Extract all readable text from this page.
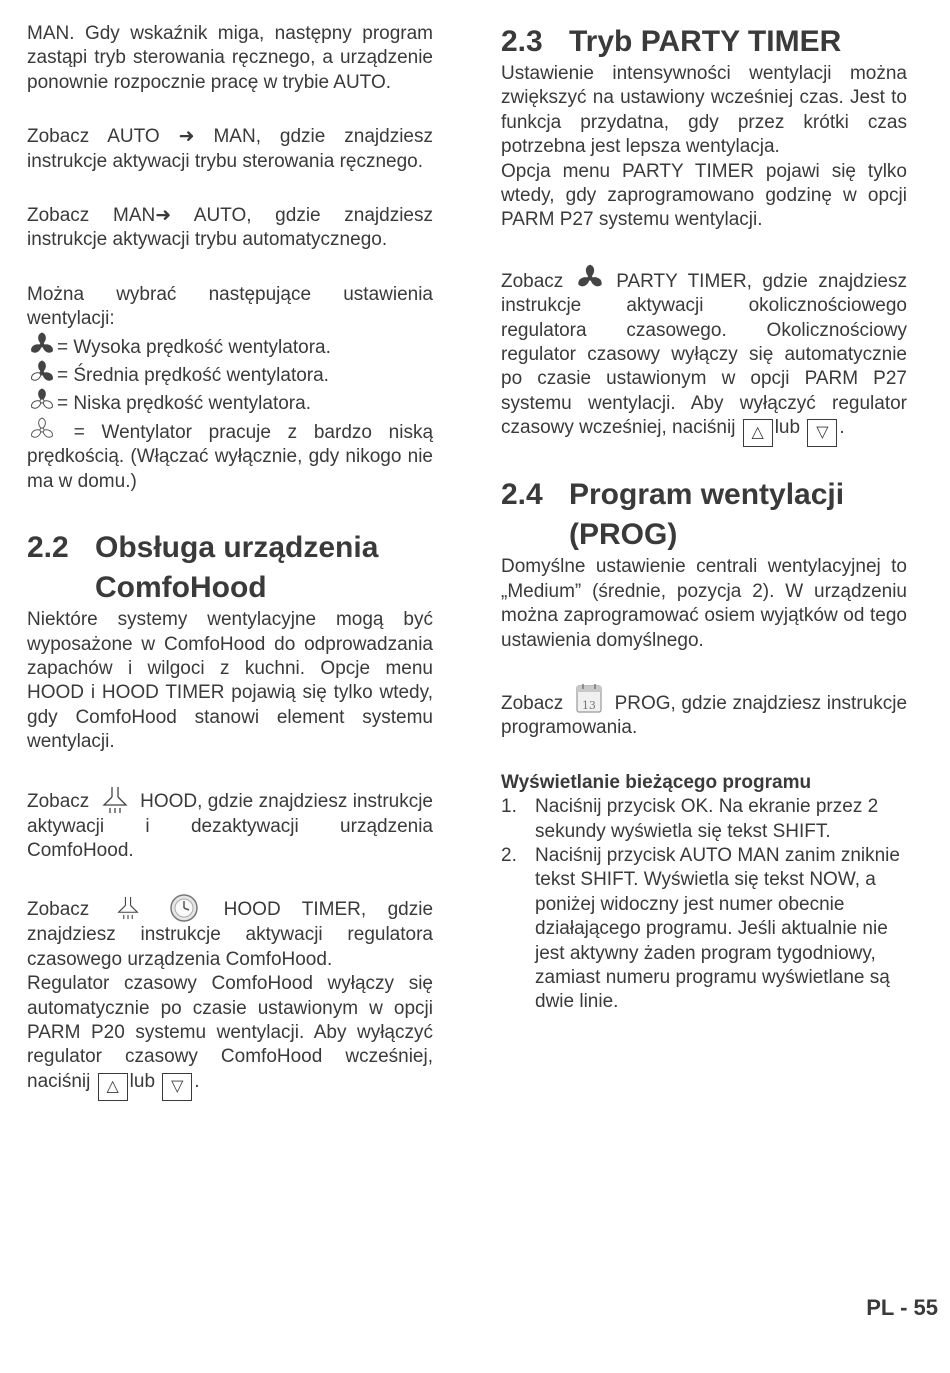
MAN. Gdy wskaźnik miga, następny program zastąpi tryb sterowania ręcznego, a urządzenie ponownie rozpocznie pracę w trybie AUTO.

Zobacz AUTO ➜ MAN, gdzie znajdziesz instrukcje aktywacji trybu sterowania ręcznego.

Zobacz MAN➜ AUTO, gdzie znajdziesz instrukcje aktywacji trybu automatycznego.

Można wybrać następujące ustawienia wentylacji:

= Wysoka prędkość wentylatora.

= Średnia prędkość wentylatora.

= Niska prędkość wentylatora.

= Wentylator pracuje z bardzo niską prędkością. (Włączać wyłącznie, gdy nikogo nie ma w domu.)

2.2 Obsługa urządzenia ComfoHood

Niektóre systemy wentylacyjne mogą być wyposażone w ComfoHood do odprowadzania zapachów i wilgoci z kuchni. Opcje menu HOOD i HOOD TIMER pojawią się tylko wtedy, gdy ComfoHood stanowi element systemu wentylacji.

Zobacz	HOOD, gdzie znajdziesz instrukcje aktywacji i dezaktywacji urządzenia ComfoHood.

Zobacz	HOOD TIMER, gdzie znajdziesz instrukcje aktywacji regulatora czasowego urządzenia ComfoHood.

Regulator czasowy ComfoHood wyłączy się automatycznie po czasie ustawionym w opcji PARM P20 systemu wentylacji. Aby wyłączyć regulator czasowy ComfoHood wcześniej, naciśnij △ lub ▽ .

2.3 Tryb PARTY TIMER

Ustawienie intensywności wentylacji można zwiększyć na ustawiony wcześniej czas. Jest to funkcja przydatna, gdy przez krótki czas potrzebna jest lepsza wentylacja.

Opcja menu PARTY TIMER pojawi się tylko wtedy, gdy zaprogramowano godzinę w opcji PARM P27 systemu wentylacji.

Zobacz	PARTY TIMER, gdzie znajdziesz instrukcje aktywacji okolicznościowego regulatora czasowego. Okolicznościowy regulator czasowy wyłączy się automatycznie po czasie ustawionym w opcji PARM P27 systemu wentylacji. Aby wyłączyć regulator czasowy wcześniej, naciśnij △ lub ▽ .

2.4 Program wentylacji (PROG)

Domyślne ustawienie centrali wentylacyjnej to „Medium” (średnie, pozycja 2). W urządzeniu można zaprogramować osiem wyjątków od tego ustawienia domyślnego.

Zobacz	13 PROG, gdzie znajdziesz instrukcje programowania.

Wyświetlanie bieżącego programu

1. Naciśnij przycisk OK. Na ekranie przez 2 sekundy wyświetla się tekst SHIFT.
2. Naciśnij przycisk AUTO MAN zanim zniknie tekst SHIFT. Wyświetla się tekst NOW, a poniżej widoczny jest numer obecnie działającego programu. Jeśli aktualnie nie jest aktywny żaden program tygodniowy, zamiast numeru programu wyświetlane są dwie linie.
PL - 55
